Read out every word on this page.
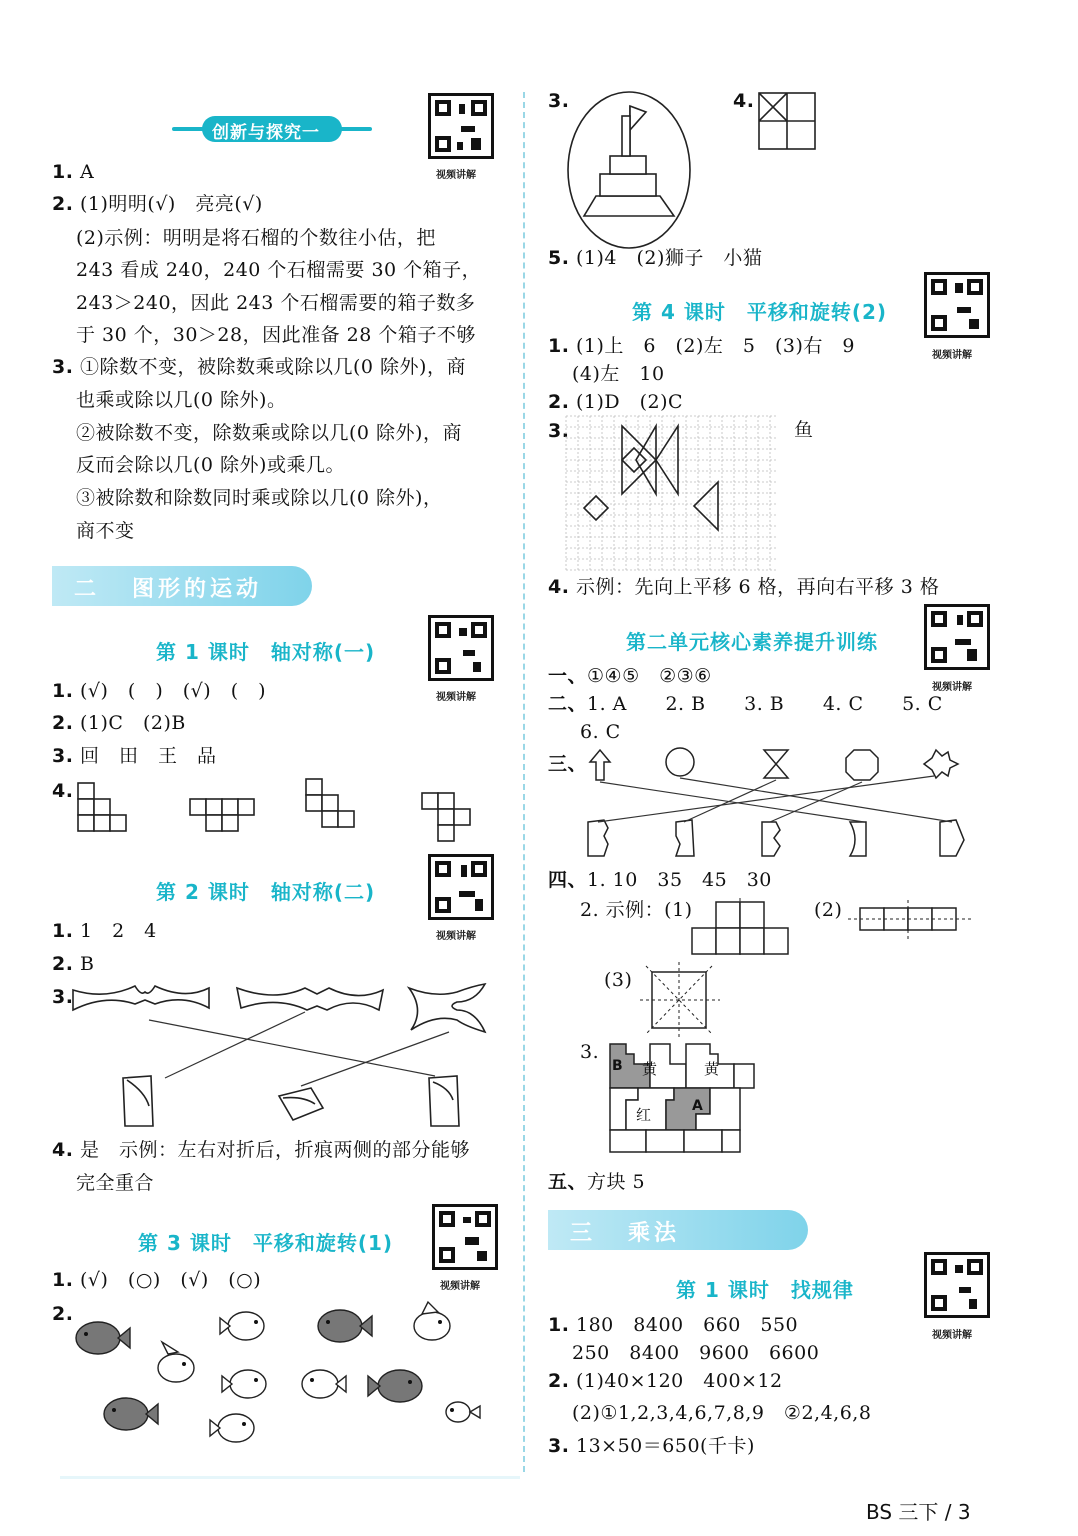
创新与探究一
视频讲解
1. A
2. (1)明明(√)　亮亮(√)
(2)示例：明明是将石榴的个数往小估，把
243 看成 240，240 个石榴需要 30 个箱子，
243＞240，因此 243 个石榴需要的箱子数多
于 30 个，30＞28，因此准备 28 个箱子不够
3. ①除数不变，被除数乘或除以几(0 除外)，商
也乘或除以几(0 除外)。
②被除数不变，除数乘或除以几(0 除外)，商
反而会除以几(0 除外)或乘几。
③被除数和除数同时乘或除以几(0 除外)，
商不变
二 图形的运动
第 1 课时　轴对称(一)
视频讲解
1. (√)　(　)　(√)　(　)
2. (1)C　(2)B
3. 回　田　王　品
4.
第 2 课时　轴对称(二)
视频讲解
1. 1　2　4
2. B
3.
4. 是　示例：左右对折后，折痕两侧的部分能够
完全重合
第 3 课时　平移和旋转(1)
视频讲解
1. (√)　(○)　(√)　(○)
2.
3.	4.
5. (1)4　(2)狮子　小猫
第 4 课时　平移和旋转(2)
视频讲解
1. (1)上　6　(2)左　5　(3)右　9
(4)左　10
2. (1)D　(2)C
3.	鱼
4. 示例：先向上平移 6 格，再向右平移 3 格
第二单元核心素养提升训练
视频讲解
一、①④⑤　②③⑥
二、1. A 2. B 3. B 4. C 5. C
6. C
三、
四、1. 10　35　45　30
2. 示例：(1)	(2)
(3)
3.
B 黄	黄
红	A
五、方块 5
三 乘法
第 1 课时　找规律
视频讲解
1. 180　8400　660　550
250　8400　9600　6600
2. (1)40×120　400×12
(2)①1,2,3,4,6,7,8,9　②2,4,6,8
3. 13×50＝650(千卡)
BS 三下 / 3
